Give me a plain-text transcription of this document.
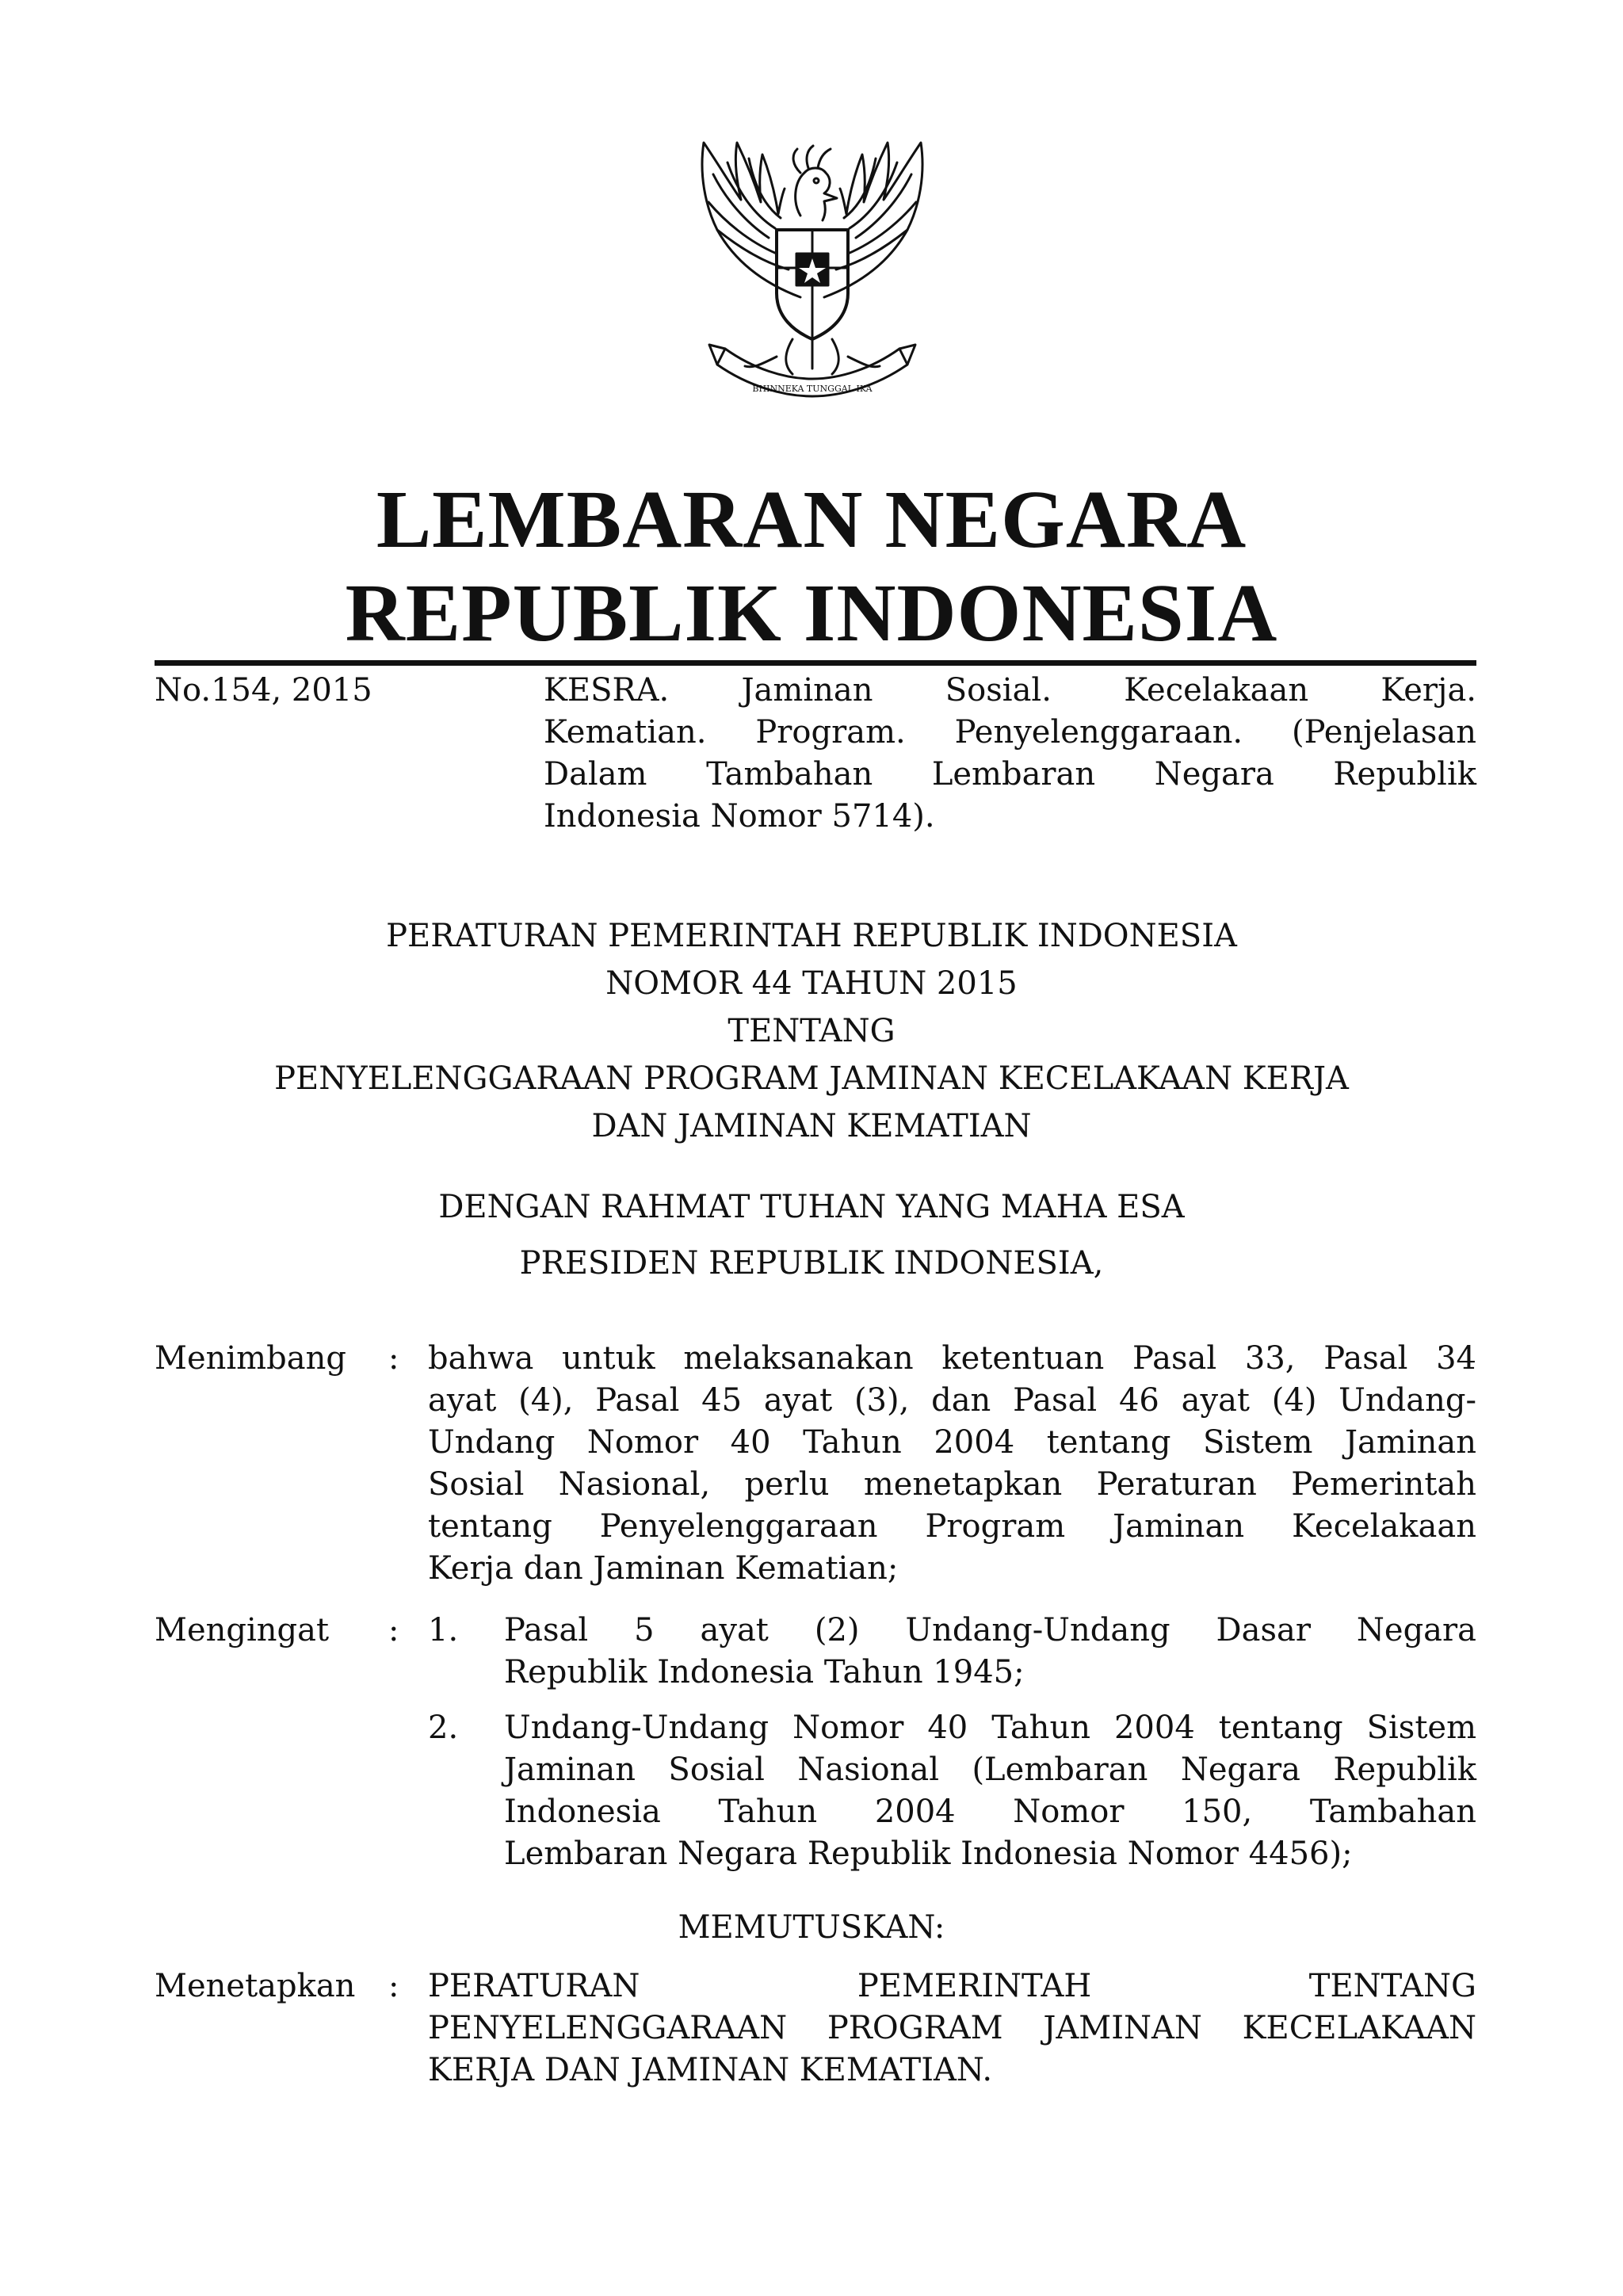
BHINNEKA TUNGGAL IKA
LEMBARAN NEGARA
REPUBLIK INDONESIA
No.154, 2015	KESRA. Jaminan Sosial. Kecelakaan Kerja.
Kematian. Program. Penyelenggaraan. (Penjelasan
Dalam Tambahan Lembaran Negara Republik
Indonesia Nomor 5714).
PERATURAN PEMERINTAH REPUBLIK INDONESIA
NOMOR 44 TAHUN 2015
TENTANG
PENYELENGGARAAN PROGRAM JAMINAN KECELAKAAN KERJA
DAN JAMINAN KEMATIAN
DENGAN RAHMAT TUHAN YANG MAHA ESA
PRESIDEN REPUBLIK INDONESIA,
Menimbang : bahwa untuk melaksanakan ketentuan Pasal 33, Pasal 34
ayat (4), Pasal 45 ayat (3), dan Pasal 46 ayat (4) Undang-
Undang Nomor 40 Tahun 2004 tentang Sistem Jaminan
Sosial Nasional, perlu menetapkan Peraturan Pemerintah
tentang Penyelenggaraan Program Jaminan Kecelakaan
Kerja dan Jaminan Kematian;
Mengingat : 1. Pasal 5 ayat (2) Undang-Undang Dasar Negara
Republik Indonesia Tahun 1945;
2. Undang-Undang Nomor 40 Tahun 2004 tentang Sistem
Jaminan Sosial Nasional (Lembaran Negara Republik
Indonesia Tahun 2004 Nomor 150, Tambahan
Lembaran Negara Republik Indonesia Nomor 4456);
MEMUTUSKAN:
Menetapkan : PERATURAN PEMERINTAH TENTANG
PENYELENGGARAAN PROGRAM JAMINAN KECELAKAAN
KERJA DAN JAMINAN KEMATIAN.
